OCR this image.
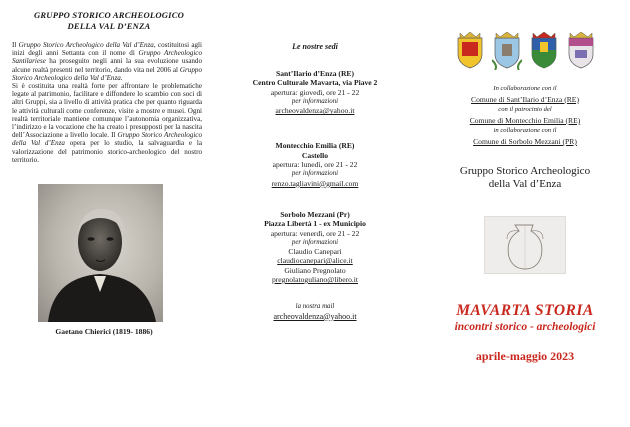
GRUPPO STORICO ARCHEOLOGICO
DELLA VAL D’ENZA

Il Gruppo Storico Archeologico della Val d’Enza, costituitosi agli inizi degli anni Settanta con il nome di Gruppo Archeologico Santilariese ha proseguito negli anni la sua evoluzione usando alcune realtà presenti nel territorio, dando vita nel 2006 al Gruppo Storico Archeologico della Val d’Enza.

Si è costituita una realtà forte per affrontare le problematiche legate al patrimonio, facilitare e diffondere lo scambio con soci di altri Gruppi, sia a livello di attività pratica che per quanto riguarda le attività culturali come conferenze, visite a mostre e musei. Ogni realtà territoriale mantiene comunque l’autonomia organizzativa, l’indirizzo e la vocazione che ha creato i presupposti per la nascita dell’Associazione a livello locale. Il Gruppo Storico Archeologico della Val d’Enza opera per lo studio, la salvaguardia e la valorizzazione del patrimonio storico-archeologico del nostro territorio.

Gaetano Chierici (1819- 1886)
Le nostre sedi
Sant’Ilario d’Enza (RE)
Centro Culturale Mavarta, via Piave 2
apertura: giovedì, ore 21 - 22
per informazioni
archeovaldenza@yahoo.it
Montecchio Emilia (RE)
Castello
apertura: lunedì, ore 21 - 22
per informazioni
renzo.tagliavini@gmail.com
Sorbolo Mezzani (Pr)
Piazza Libertà 1 - ex Municipio
apertura: venerdì, ore 21 - 22
per informazioni
Claudio Canepari
claudiocanepari@alice.it
Giuliano Pregnolato
pregnolatoguliano@libero.it
la nostra mail
archeovaldenza@yahoo.it
In collaborazione con il
Comune di Sant’Ilario d’Enza (RE)
con il patrocinio del
Comune di Montecchio Emilia (RE)
in collaborazione con il
Comune di Sorbolo Mezzani (PR)
Gruppo Storico Archeologico
della Val d’Enza
MAVARTA STORIA
incontri storico - archeologici
aprile-maggio 2023
